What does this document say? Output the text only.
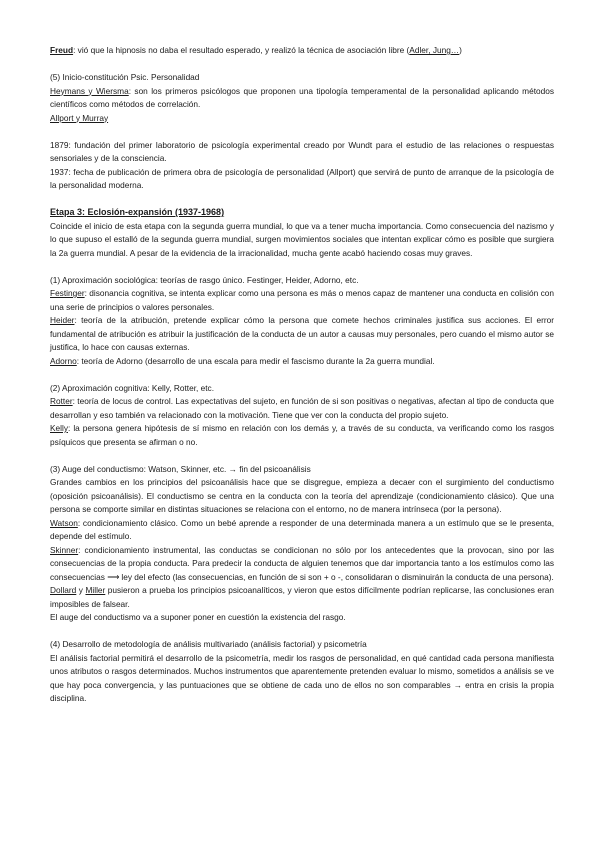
Freud: vió que la hipnosis no daba el resultado esperado, y realizó la técnica de asociación libre (Adler, Jung…)

(5) Inicio-constitución Psic. Personalidad

Heymans y Wiersma: son los primeros psicólogos que proponen una tipología temperamental de la personalidad aplicando métodos científicos como métodos de correlación.

Allport y Murray

1879: fundación del primer laboratorio de psicología experimental creado por Wundt para el estudio de las relaciones o respuestas sensoriales y de la consciencia.

1937: fecha de publicación de primera obra de psicología de personalidad (Allport) que servirá de punto de arranque de la psicología de la personalidad moderna.

Etapa 3: Eclosión-expansión (1937-1968)

Coincide el inicio de esta etapa con la segunda guerra mundial, lo que va a tener mucha importancia. Como consecuencia del nazismo y lo que supuso el estalló de la segunda guerra mundial, surgen movimientos sociales que intentan explicar cómo es posible que surgiera la 2a guerra mundial. A pesar de la evidencia de la irracionalidad, mucha gente acabó haciendo cosas muy graves.

(1) Aproximación sociológica: teorías de rasgo único. Festinger, Heider, Adorno, etc.

Festinger: disonancia cognitiva, se intenta explicar como una persona es más o menos capaz de mantener una conducta en colisión con una serie de principios o valores personales.

Heider: teoría de la atribución, pretende explicar cómo la persona que comete hechos criminales justifica sus acciones. El error fundamental de atribución es atribuir la justificación de la conducta de un autor a causas muy personales, pero cuando el mismo autor se justifica, lo hace con causas externas.

Adorno: teoría de Adorno (desarrollo de una escala para medir el fascismo durante la 2a guerra mundial.

(2) Aproximación cognitiva: Kelly, Rotter, etc.

Rotter: teoría de locus de control. Las expectativas del sujeto, en función de si son positivas o negativas, afectan al tipo de conducta que desarrollan y eso también va relacionado con la motivación. Tiene que ver con la conducta del propio sujeto.

Kelly: la persona genera hipótesis de sí mismo en relación con los demás y, a través de su conducta, va verificando como los rasgos psíquicos que presenta se afirman o no.

(3) Auge del conductismo: Watson, Skinner, etc. → fin del psicoanálisis

Grandes cambios en los principios del psicoanálisis hace que se disgregue, empieza a decaer con el surgimiento del conductismo (oposición psicoanálisis). El conductismo se centra en la conducta con la teoría del aprendizaje (condicionamiento clásico). Que una persona se comporte similar en distintas situaciones se relaciona con el entorno, no de manera intrínseca (por la persona).

Watson: condicionamiento clásico. Como un bebé aprende a responder de una determinada manera a un estímulo que se le presenta, depende del estímulo.

Skinner: condicionamiento instrumental, las conductas se condicionan no sólo por los antecedentes que la provocan, sino por las consecuencias de la propia conducta. Para predecir la conducta de alguien tenemos que dar importancia tanto a los estímulos como las consecuencias ⟶ ley del efecto (las consecuencias, en función de si son + o -, consolidaran o disminuirán la conducta de una persona).

Dollard y Miller pusieron a prueba los principios psicoanalíticos, y vieron que estos difícilmente podrían replicarse, las conclusiones eran imposibles de falsear.

El auge del conductismo va a suponer poner en cuestión la existencia del rasgo.

(4) Desarrollo de metodología de análisis multivariado (análisis factorial) y psicometría

El análisis factorial permitirá el desarrollo de la psicometría, medir los rasgos de personalidad, en qué cantidad cada persona manifiesta unos atributos o rasgos determinados. Muchos instrumentos que aparentemente pretenden evaluar lo mismo, sometidos a análisis se ve que hay poca convergencia, y las puntuaciones que se obtiene de cada uno de ellos no son comparables → entra en crisis la propia disciplina.
